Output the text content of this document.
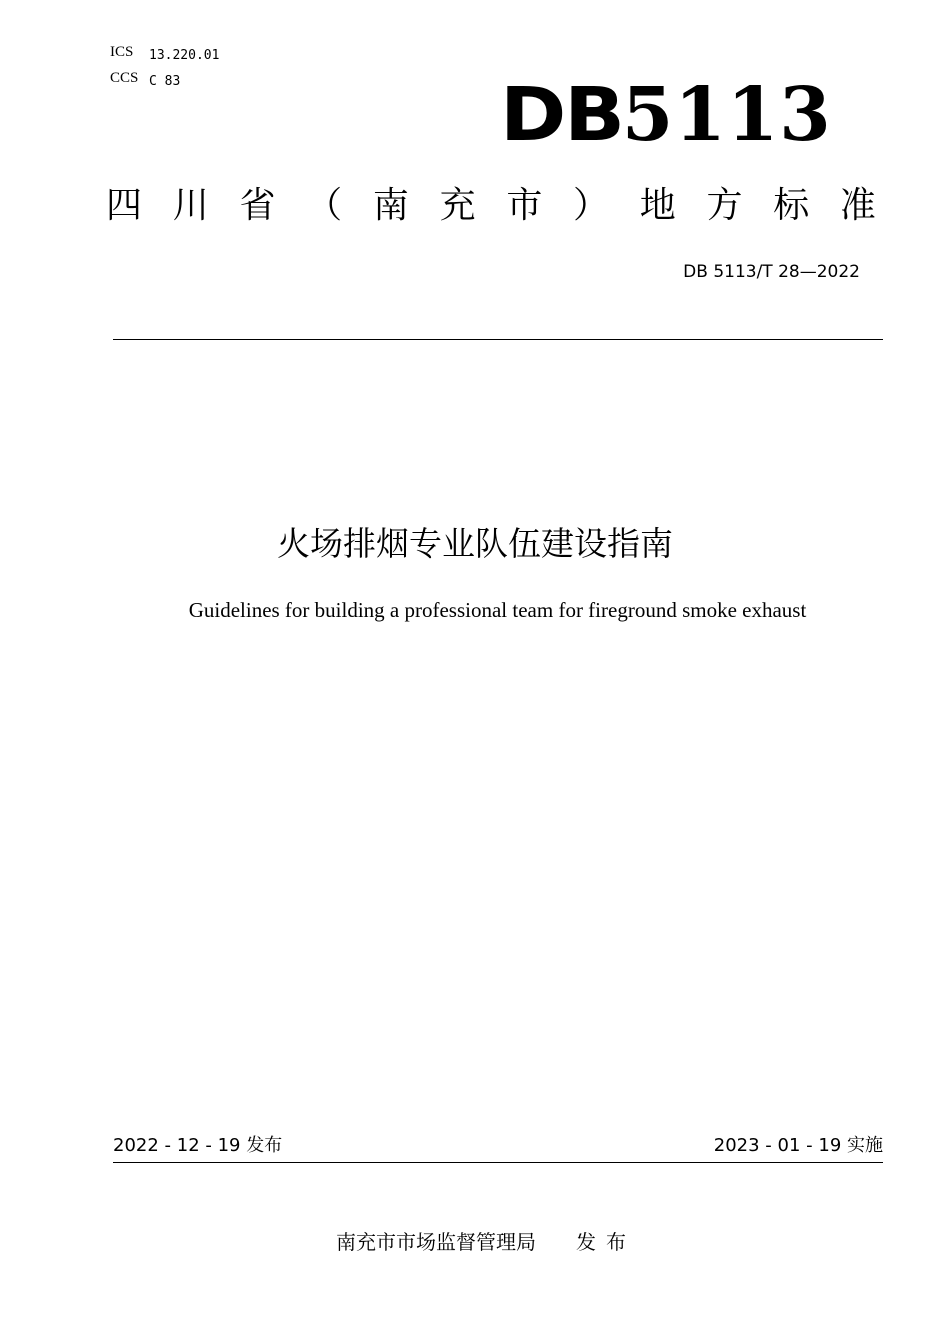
ICS 13.220.01
CCS C 83	DB5113
四 川 省 （ 南 充 市 ） 地 方 标 准
DB 5113/T 28—2022
火场排烟专业队伍建设指南
Guidelines for building a professional team for fireground smoke exhaust
2022 - 12 - 19 发布	2023 - 01 - 19 实施
南充市市场监督管理局 发布
